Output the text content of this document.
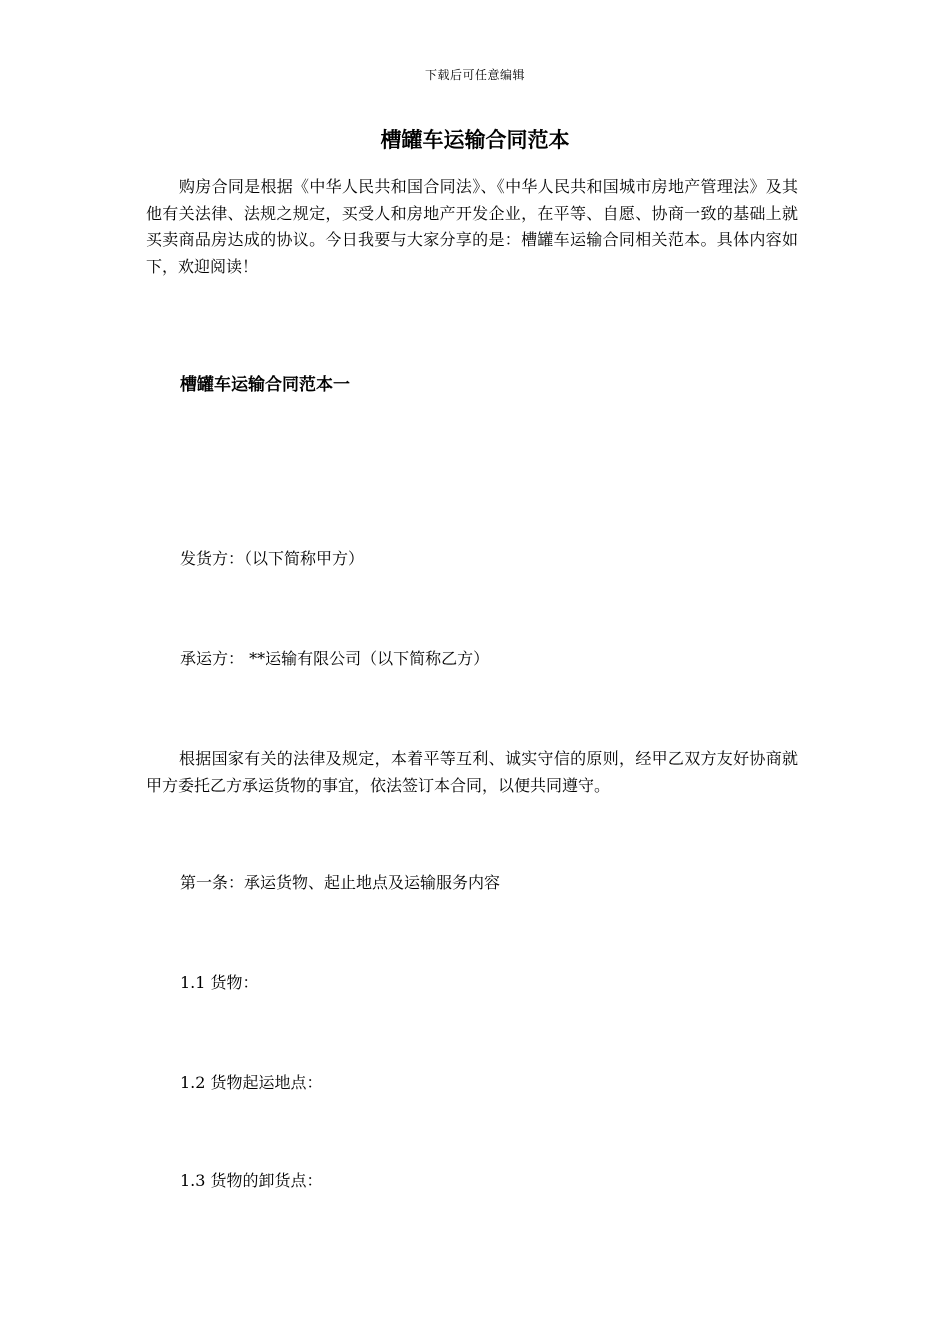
下载后可任意编辑
槽罐车运输合同范本

购房合同是根据《中华人民共和国合同法》、《中华人民共和国城市房地产管理法》及其他有关法律、法规之规定，买受人和房地产开发企业，在平等、自愿、协商一致的基础上就买卖商品房达成的协议。今日我要与大家分享的是：槽罐车运输合同相关范本。具体内容如下，欢迎阅读！

槽罐车运输合同范本一

发货方：（以下简称甲方）

承运方： **运输有限公司（以下简称乙方）

根据国家有关的法律及规定，本着平等互利、诚实守信的原则，经甲乙双方友好协商就甲方委托乙方承运货物的事宜，依法签订本合同，以便共同遵守。

第一条：承运货物、起止地点及运输服务内容

1.1 货物：

1.2 货物起运地点：

1.3 货物的卸货点：
